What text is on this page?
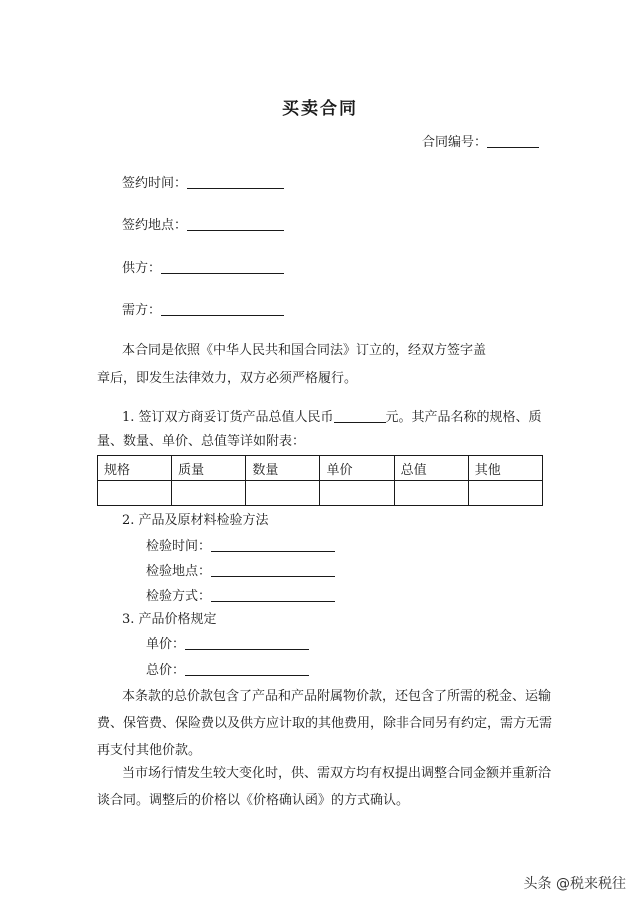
买卖合同
合同编号：
签约时间：
签约地点：
供方：
需方：
本合同是依照《中华人民共和国合同法》订立的，经双方签字盖
章后，即发生法律效力，双方必须严格履行。
1. 签订双方商妥订货产品总值人民币	元。其产品名称的规格、质
量、数量、单价、总值等详如附表：
规格	质量	数量	单价	总值	其他

2. 产品及原材料检验方法
检验时间：
检验地点：
检验方式：
3. 产品价格规定
单价：
总价：
本条款的总价款包含了产品和产品附属物价款，还包含了所需的税金、运输
费、保管费、保险费以及供方应计取的其他费用，除非合同另有约定，需方无需
再支付其他价款。
当市场行情发生较大变化时，供、需双方均有权提出调整合同金额并重新洽
谈合同。调整后的价格以《价格确认函》的方式确认。
头条 @税来税往
